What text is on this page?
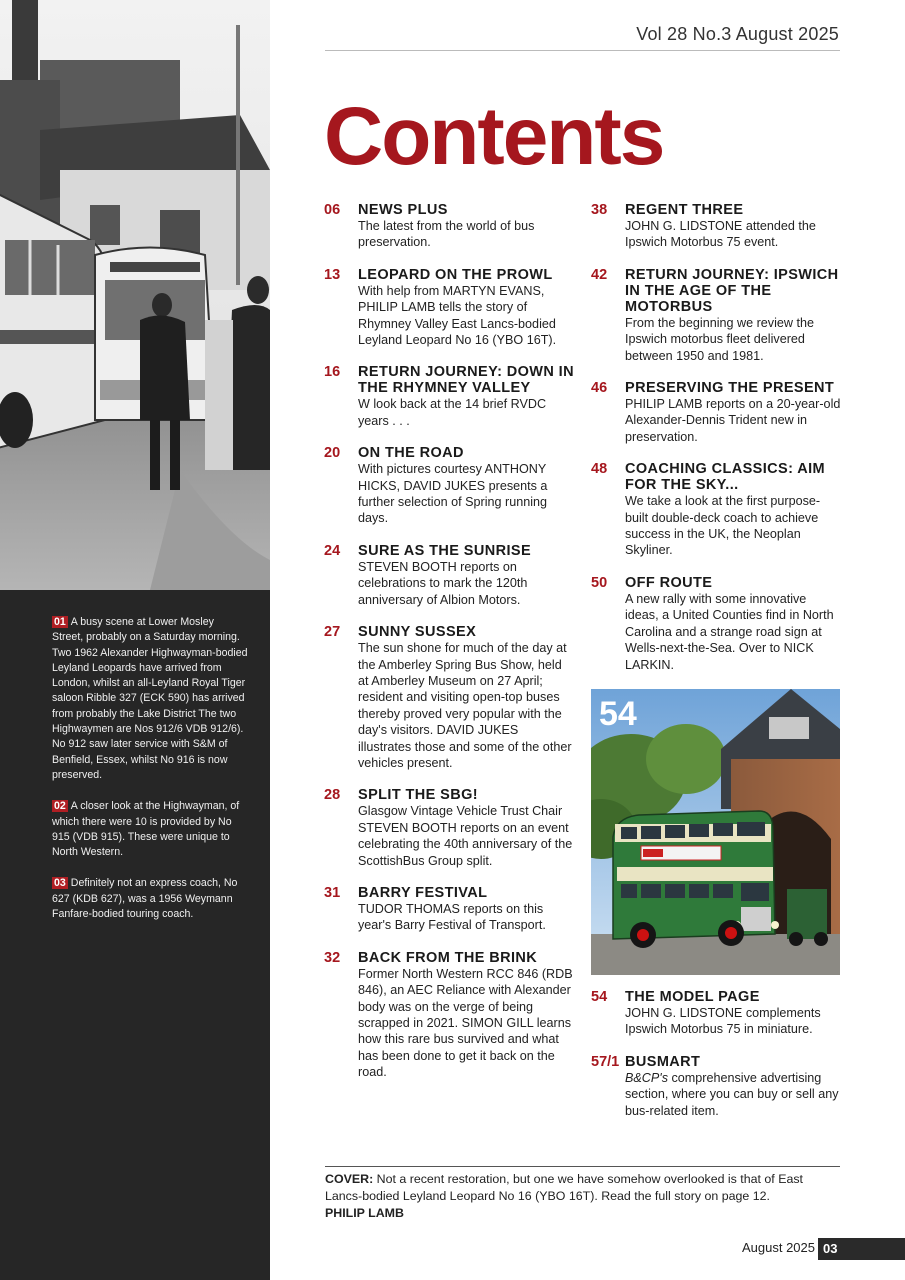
01 A busy scene at Lower Mosley Street, probably on a Saturday morning. Two 1962 Alexander Highwayman-bodied Leyland Leopards have arrived from London, whilst an all-Leyland Royal Tiger saloon Ribble 327 (ECK 590) has arrived from probably the Lake District The two Highwaymen are Nos 912/6 VDB 912/6). No 912 saw later service with S&M of Benfield, Essex, whilst No 916 is now preserved.

02 A closer look at the Highwayman, of which there were 10 is provided by No 915 (VDB 915). These were unique to North Western.

03 Definitely not an express coach, No 627 (KDB 627), was a 1956 Weymann Fanfare-bodied touring coach.

Vol 28 No.3 August 2025
Contents
06	NEWS PLUS
The latest from the world of bus preservation.
13	LEOPARD ON THE PROWL
With help from MARTYN EVANS, PHILIP LAMB tells the story of Rhymney Valley East Lancs-bodied Leyland Leopard No 16 (YBO 16T).
16	RETURN JOURNEY: DOWN IN THE RHYMNEY VALLEY
W look back at the 14 brief RVDC years . . .
20	ON THE ROAD
With pictures courtesy ANTHONY HICKS, DAVID JUKES presents a further selection of Spring running days.
24	SURE AS THE SUNRISE
STEVEN BOOTH reports on celebrations to mark the 120th anniversary of Albion Motors.
27	SUNNY SUSSEX
The sun shone for much of the day at the Amberley Spring Bus Show, held at Amberley Museum on 27 April; resident and visiting open-top buses thereby proved very popular with the day's visitors. DAVID JUKES illustrates those and some of the other vehicles present.
28	SPLIT THE SBG!
Glasgow Vintage Vehicle Trust Chair STEVEN BOOTH reports on an event celebrating the 40th anniversary of the ScottishBus Group split.
31	BARRY FESTIVAL
TUDOR THOMAS reports on this year's Barry Festival of Transport.
32	BACK FROM THE BRINK
Former North Western RCC 846 (RDB 846), an AEC Reliance with Alexander body was on the verge of being scrapped in 2021. SIMON GILL learns how this rare bus survived and what has been done to get it back on the road.
38	REGENT THREE
JOHN G. LIDSTONE attended the Ipswich Motorbus 75 event.
42	RETURN JOURNEY: IPSWICH IN THE AGE OF THE MOTORBUS
From the beginning we review the Ipswich motorbus fleet delivered between 1950 and 1981.
46	PRESERVING THE PRESENT
PHILIP LAMB reports on a 20-year-old Alexander-Dennis Trident new in preservation.
48	COACHING CLASSICS: AIM FOR THE SKY...
We take a look at the first purpose-built double-deck coach to achieve success in the UK, the Neoplan Skyliner.
50	OFF ROUTE
A new rally with some innovative ideas, a United Counties find in North Carolina and a strange road sign at Wells-next-the-Sea. Over to NICK LARKIN.
54
54	THE MODEL PAGE
JOHN G. LIDSTONE complements Ipswich Motorbus 75 in miniature.
57/1 BUSMART
B&CP's comprehensive advertising section, where you can buy or sell any bus-related item.

COVER: Not a recent restoration, but one we have somehow overlooked is that of East Lancs-bodied Leyland Leopard No 16 (YBO 16T). Read the full story on page 12.
PHILIP LAMB

August 2025 03
